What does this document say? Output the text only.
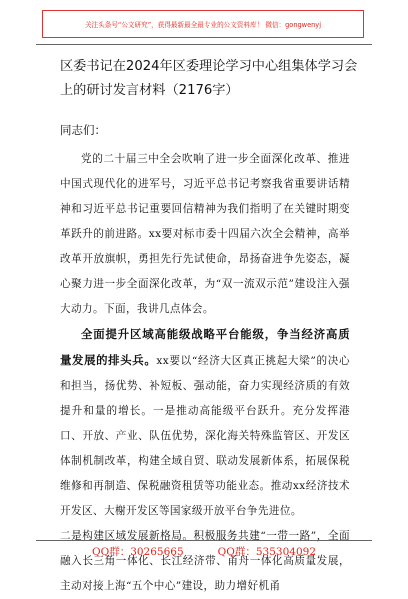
关注头条号“公文研究”，获得最新最全最专业的公文资料库！ 微信：gongwenyj
区委书记在2024年区委理论学习中心组集体学习会上的研讨发言材料（2176字）

同志们：

党的二十届三中全会吹响了进一步全面深化改革、推进中国式现代化的进军号，习近平总书记考察我省重要讲话精神和习近平总书记重要回信精神为我们指明了在关键时期变革跃升的前进路。xx要对标市委十四届六次全会精神，高举改革开放旗帜，勇担先行先试使命，昂扬奋进争先姿态，凝心聚力进一步全面深化改革，为“双一流双示范”建设注入强大动力。下面，我讲几点体会。

全面提升区域高能级战略平台能级，争当经济高质量发展的排头兵。xx要以“经济大区真正挑起大梁”的决心和担当，扬优势、补短板、强动能，奋力实现经济质的有效提升和量的增长。一是推动高能级平台跃升。充分发挥港口、开放、产业、队伍优势，深化海关特殊监管区、开发区体制机制改革，构建全域自贸、联动发展新体系，拓展保税维修和再制造、保税融资租赁等功能业态。推动xx经济技术开发区、大榭开发区等国家级开放平台争先进位。

二是构建区域发展新格局。积极服务共建“一带一路”，全面融入长三角一体化、长江经济带、甬舟一体化高质量发展，主动对接上海“五个中心”建设，助力增好机甬

QQ群：30265665	QQ群：535304092
